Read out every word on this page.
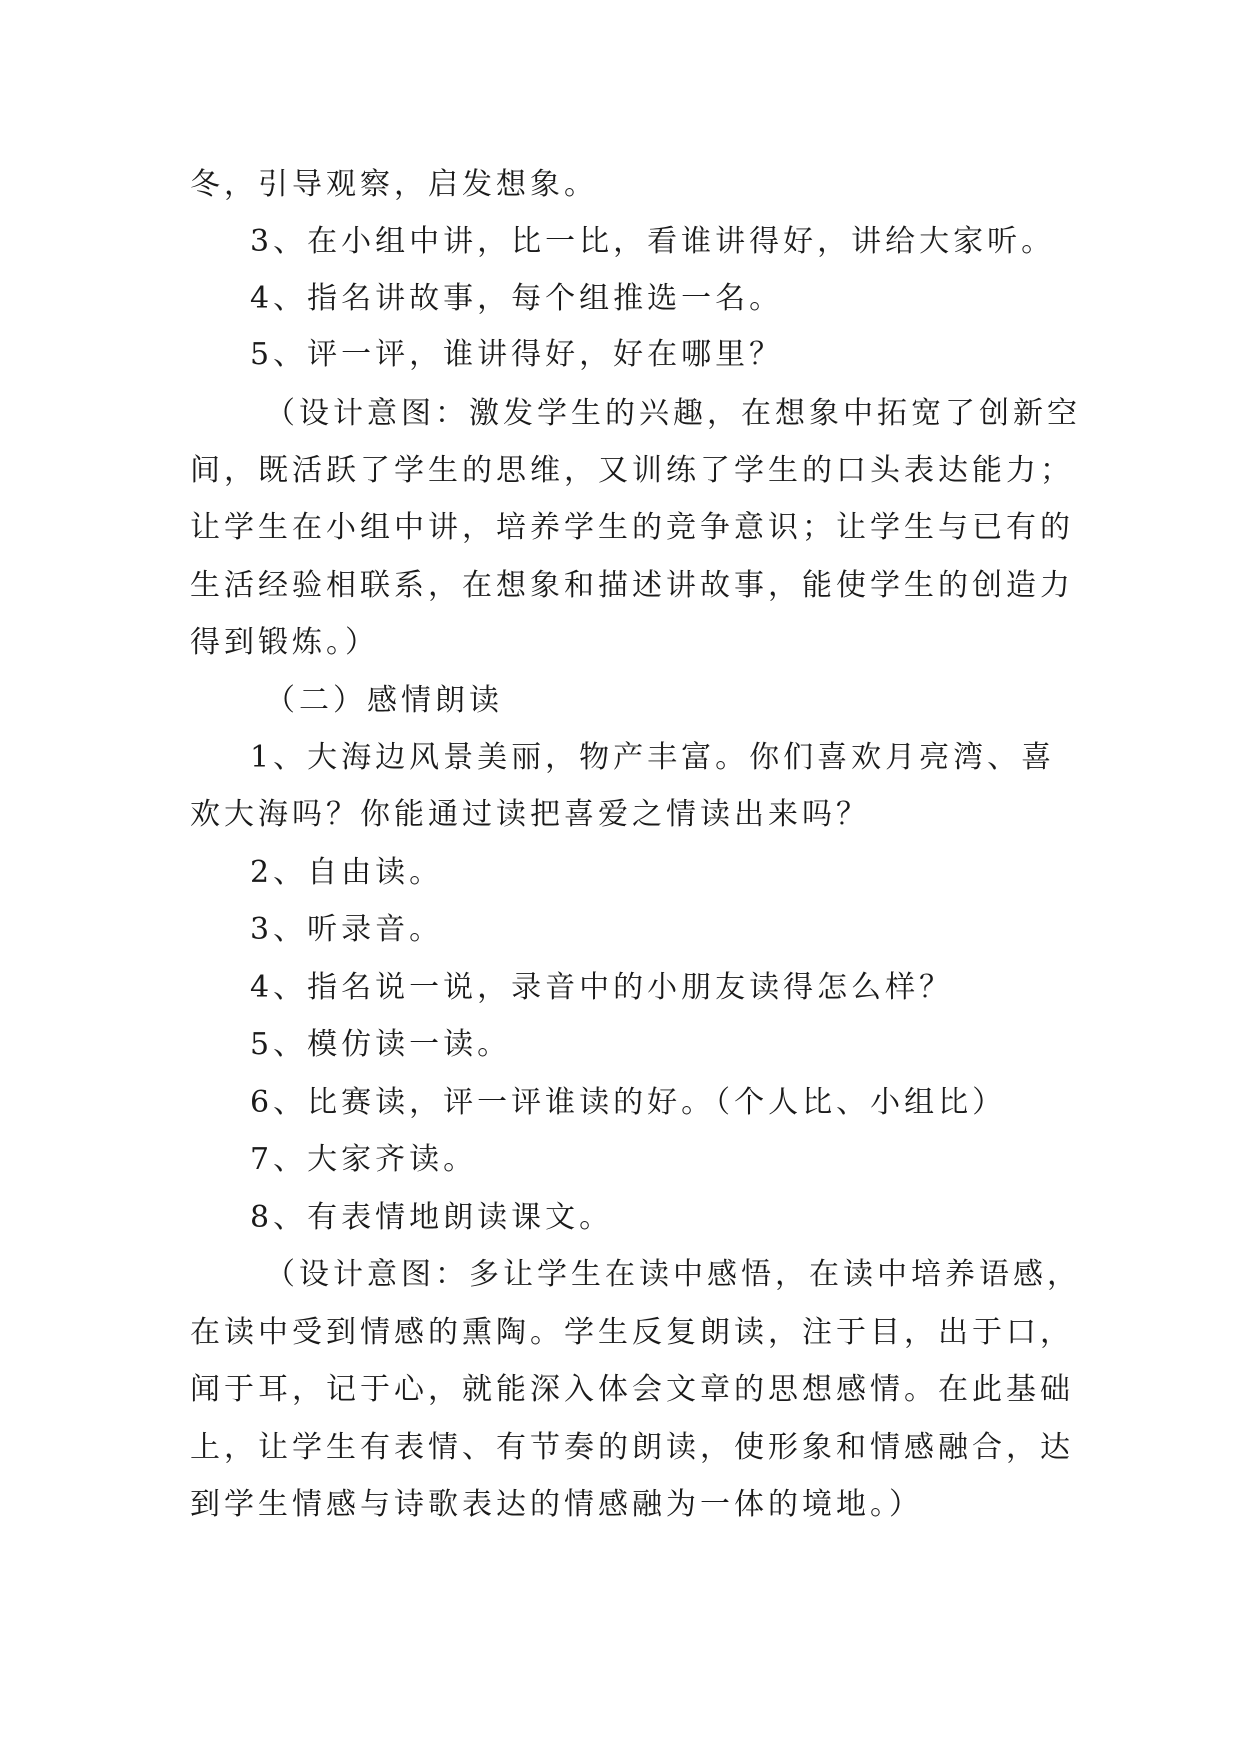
冬，引导观察，启发想象。
3、在小组中讲，比一比，看谁讲得好，讲给大家听。
4、指名讲故事，每个组推选一名。
5、评一评，谁讲得好，好在哪里？
（设计意图：激发学生的兴趣，在想象中拓宽了创新空
间，既活跃了学生的思维，又训练了学生的口头表达能力；
让学生在小组中讲，培养学生的竞争意识；让学生与已有的
生活经验相联系，在想象和描述讲故事，能使学生的创造力
得到锻炼。）
（二）感情朗读
1、大海边风景美丽，物产丰富。你们喜欢月亮湾、喜
欢大海吗？你能通过读把喜爱之情读出来吗？
2、自由读。
3、听录音。
4、指名说一说，录音中的小朋友读得怎么样？
5、模仿读一读。
6、比赛读，评一评谁读的好。（个人比、小组比）
7、大家齐读。
8、有表情地朗读课文。
（设计意图：多让学生在读中感悟，在读中培养语感，
在读中受到情感的熏陶。学生反复朗读，注于目，出于口，
闻于耳，记于心，就能深入体会文章的思想感情。在此基础
上，让学生有表情、有节奏的朗读，使形象和情感融合，达
到学生情感与诗歌表达的情感融为一体的境地。）
